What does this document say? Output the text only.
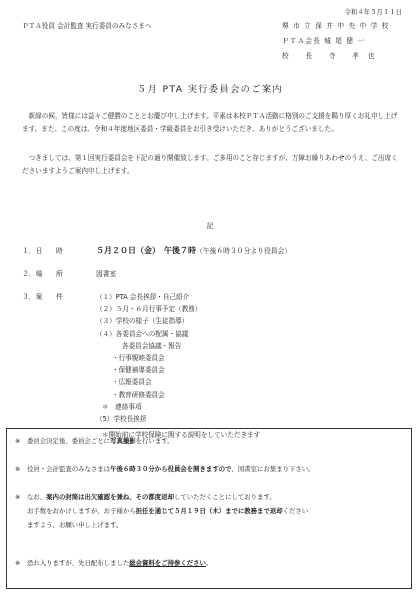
令和４年５月１１日
ＰＴＡ役員 会計監査 実行委員のみなさまへ	堺 市 立 深 井 中 央 中 学 校
ＰＴＡ会長 城 尾 健 一
校　　長　　寺　　孝　也
５月 PTA 実行委員会のご案内
新緑の候，皆様には益々ご健勝のこととお慶び申し上げます。平素は本校ＰＴＡ活動に格別のご支援を賜り厚くお礼申し上げます。また、この度は、令和４年度地区委員・学級委員をお引き受けいただき、ありがとうございました。
つきましては、第１回実行委員会を下記の通り開催致します。ご多用のこと存じますが、万障お繰りあわせのうえ、ご出席くださいますようご案内申し上げます。
記
１．日　　時	５月２０日（金）　午後７時（午後６時３０分より役員会）
２．場　　所	図書室
３．案　　件	（１）PTA 会長挨拶・自己紹介
（２）５月・６月行事予定（教務）
（３）学校の様子（生徒指導）
（４）各委員会への配属・協議
各委員会協議・報告
・行事親睦委員会
・保健補導委員会
・広報委員会
・教育研修委員会
＊　連絡事項
※ 委員会決定後、委員会ごとに写真撮影を行います。
※ 役員・会計監査のみなさまは午後６時３０分から役員会を開きますので、図書室にお集まり下さい。
※ なお、案内の封筒は出欠確認を兼ね、その都度返却していただくことにしております。
お手数をおかけしますが、お子様から担任を通じて５月１９日（木）までに教務まで返却ください
ますよう、お願い申し上げます。
※ 恐れ入りますが、先日配布しました総会資料をご持参ください。
（5）学校長挨拶
＊開始前に学校保険に関する説明をしていただきます
